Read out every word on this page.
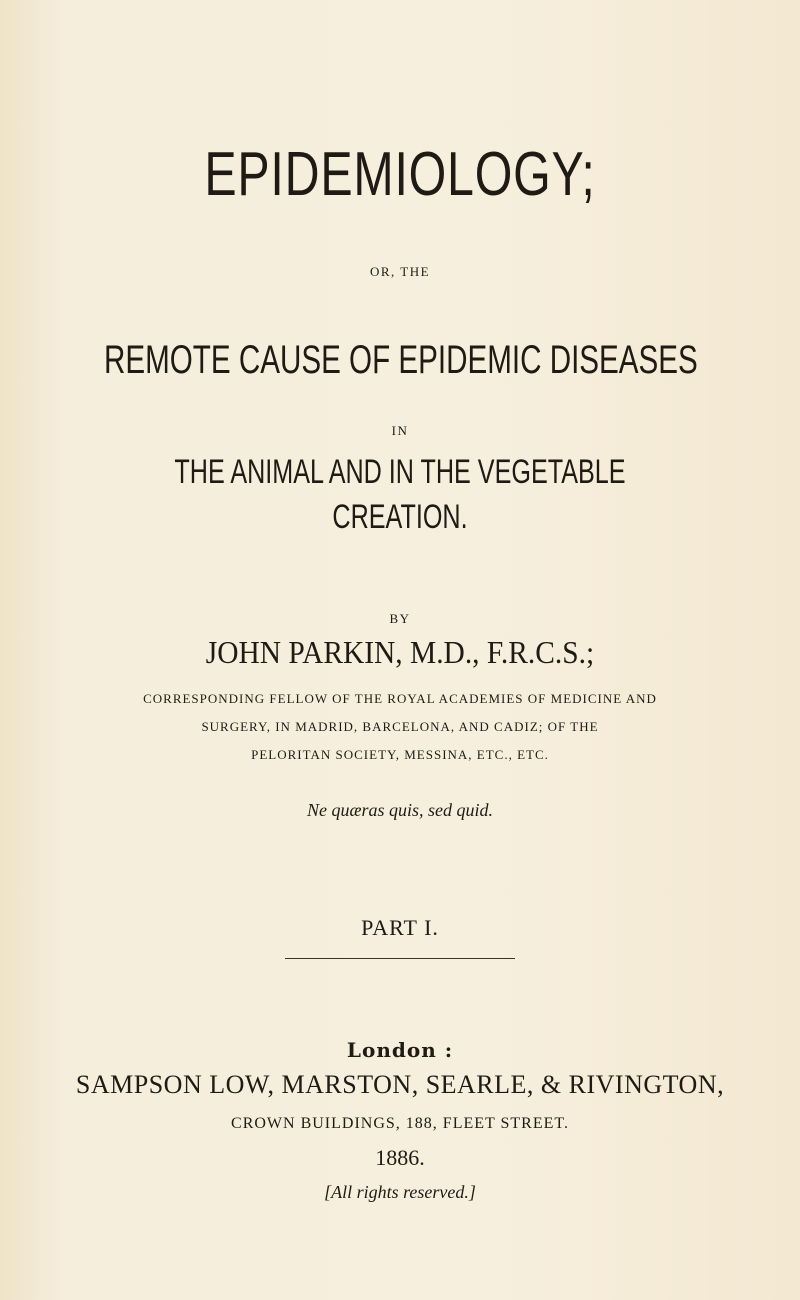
EPIDEMIOLOGY;
OR, THE
REMOTE CAUSE OF EPIDEMIC DISEASES
IN
THE ANIMAL AND IN THE VEGETABLE
CREATION.
BY
JOHN PARKIN, M.D., F.R.C.S.;
CORRESPONDING FELLOW OF THE ROYAL ACADEMIES OF MEDICINE AND
SURGERY, IN MADRID, BARCELONA, AND CADIZ; OF THE
PELORITAN SOCIETY, MESSINA, ETC., ETC.
Ne quæras quis, sed quid.
PART I.
London :
SAMPSON LOW, MARSTON, SEARLE, & RIVINGTON,
CROWN BUILDINGS, 188, FLEET STREET.
1886.
[All rights reserved.]
